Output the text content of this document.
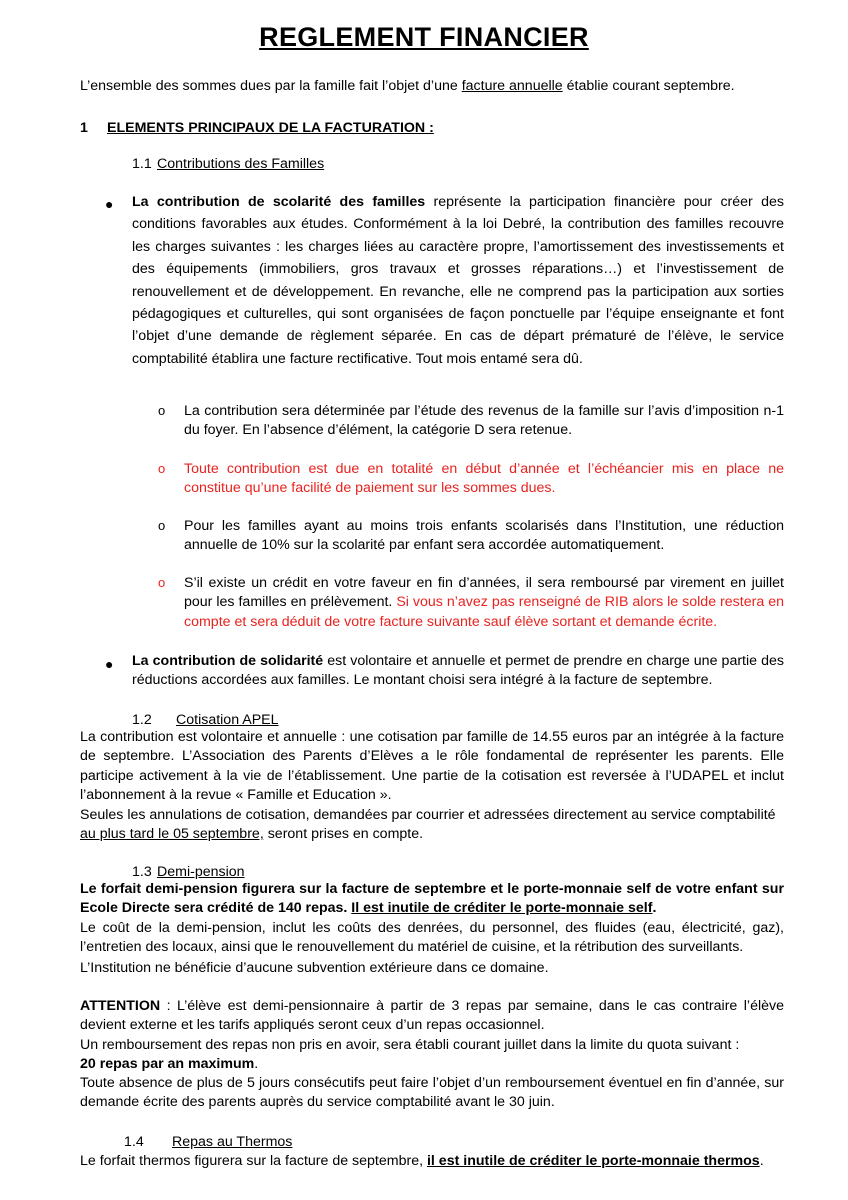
REGLEMENT FINANCIER
L’ensemble des sommes dues par la famille fait l’objet d’une facture annuelle établie courant septembre.
1 ELEMENTS PRINCIPAUX DE LA FACTURATION :
1.1 Contributions des Familles
● La contribution de scolarité des familles représente la participation financière pour créer des conditions favorables aux études. Conformément à la loi Debré, la contribution des familles recouvre les charges suivantes : les charges liées au caractère propre, l’amortissement des investissements et des équipements (immobiliers, gros travaux et grosses réparations…) et l’investissement de renouvellement et de développement. En revanche, elle ne comprend pas la participation aux sorties pédagogiques et culturelles, qui sont organisées de façon ponctuelle par l’équipe enseignante et font l’objet d’une demande de règlement séparée. En cas de départ prématuré de l’élève, le service comptabilité établira une facture rectificative. Tout mois entamé sera dû.
o La contribution sera déterminée par l’étude des revenus de la famille sur l’avis d’imposition n-1 du foyer. En l’absence d’élément, la catégorie D sera retenue.
o Toute contribution est due en totalité en début d’année et l’échéancier mis en place ne constitue qu’une facilité de paiement sur les sommes dues.
o Pour les familles ayant au moins trois enfants scolarisés dans l’Institution, une réduction annuelle de 10% sur la scolarité par enfant sera accordée automatiquement.
o S’il existe un crédit en votre faveur en fin d’années, il sera remboursé par virement en juillet pour les familles en prélèvement. Si vous n’avez pas renseigné de RIB alors le solde restera en compte et sera déduit de votre facture suivante sauf élève sortant et demande écrite.
● La contribution de solidarité est volontaire et annuelle et permet de prendre en charge une partie des réductions accordées aux familles. Le montant choisi sera intégré à la facture de septembre.
1.2 Cotisation APEL
La contribution est volontaire et annuelle : une cotisation par famille de 14.55 euros par an intégrée à la facture de septembre. L’Association des Parents d’Elèves a le rôle fondamental de représenter les parents. Elle participe activement à la vie de l’établissement. Une partie de la cotisation est reversée à l’UDAPEL et inclut l’abonnement à la revue « Famille et Education ».
Seules les annulations de cotisation, demandées par courrier et adressées directement au service comptabilité
au plus tard le 05 septembre, seront prises en compte.
1.3 Demi-pension
Le forfait demi-pension figurera sur la facture de septembre et le porte-monnaie self de votre enfant sur Ecole Directe sera crédité de 140 repas. Il est inutile de créditer le porte-monnaie self.
Le coût de la demi-pension, inclut les coûts des denrées, du personnel, des fluides (eau, électricité, gaz), l’entretien des locaux, ainsi que le renouvellement du matériel de cuisine, et la rétribution des surveillants.
L’Institution ne bénéficie d’aucune subvention extérieure dans ce domaine.
ATTENTION : L’élève est demi-pensionnaire à partir de 3 repas par semaine, dans le cas contraire l’élève devient externe et les tarifs appliqués seront ceux d’un repas occasionnel.
Un remboursement des repas non pris en avoir, sera établi courant juillet dans la limite du quota suivant :
20 repas par an maximum.
Toute absence de plus de 5 jours consécutifs peut faire l’objet d’un remboursement éventuel en fin d’année, sur demande écrite des parents auprès du service comptabilité avant le 30 juin.
1.4 Repas au Thermos
Le forfait thermos figurera sur la facture de septembre, il est inutile de créditer le porte-monnaie thermos.
